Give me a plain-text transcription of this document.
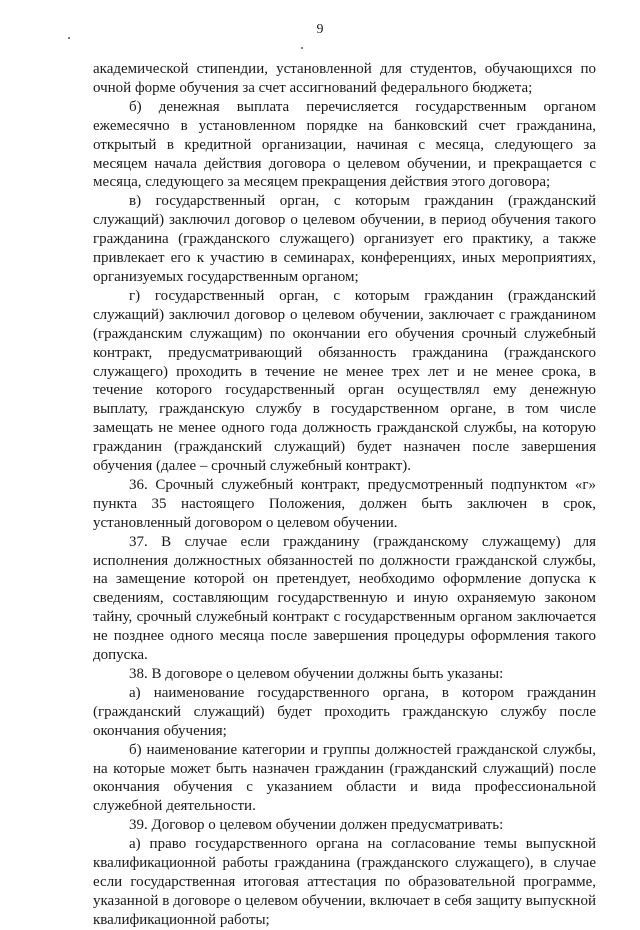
9

академической стипендии, установленной для студентов, обучающихся по очной форме обучения за счет ассигнований федерального бюджета;

б) денежная выплата перечисляется государственным органом ежемесячно в установленном порядке на банковский счет гражданина, открытый в кредитной организации, начиная с месяца, следующего за месяцем начала действия договора о целевом обучении, и прекращается с месяца, следующего за месяцем прекращения действия этого договора;

в) государственный орган, с которым гражданин (гражданский служащий) заключил договор о целевом обучении, в период обучения такого гражданина (гражданского служащего) организует его практику, а также привлекает его к участию в семинарах, конференциях, иных мероприятиях, организуемых государственным органом;

г) государственный орган, с которым гражданин (гражданский служащий) заключил договор о целевом обучении, заключает с гражданином (гражданским служащим) по окончании его обучения срочный служебный контракт, предусматривающий обязанность гражданина (гражданского служащего) проходить в течение не менее трех лет и не менее срока, в течение которого государственный орган осуществлял ему денежную выплату, гражданскую службу в государственном органе, в том числе замещать не менее одного года должность гражданской службы, на которую гражданин (гражданский служащий) будет назначен после завершения обучения (далее – срочный служебный контракт).

36. Срочный служебный контракт, предусмотренный подпунктом «г» пункта 35 настоящего Положения, должен быть заключен в срок, установленный договором о целевом обучении.

37. В случае если гражданину (гражданскому служащему) для исполнения должностных обязанностей по должности гражданской службы, на замещение которой он претендует, необходимо оформление допуска к сведениям, составляющим государственную и иную охраняемую законом тайну, срочный служебный контракт с государственным органом заключается не позднее одного месяца после завершения процедуры оформления такого допуска.

38. В договоре о целевом обучении должны быть указаны:

а) наименование государственного органа, в котором гражданин (гражданский служащий) будет проходить гражданскую службу после окончания обучения;

б) наименование категории и группы должностей гражданской службы, на которые может быть назначен гражданин (гражданский служащий) после окончания обучения с указанием области и вида профессиональной служебной деятельности.

39. Договор о целевом обучении должен предусматривать:

а) право государственного органа на согласование темы выпускной квалификационной работы гражданина (гражданского служащего), в случае если государственная итоговая аттестация по образовательной программе, указанной в договоре о целевом обучении, включает в себя защиту выпускной квалификационной работы;
